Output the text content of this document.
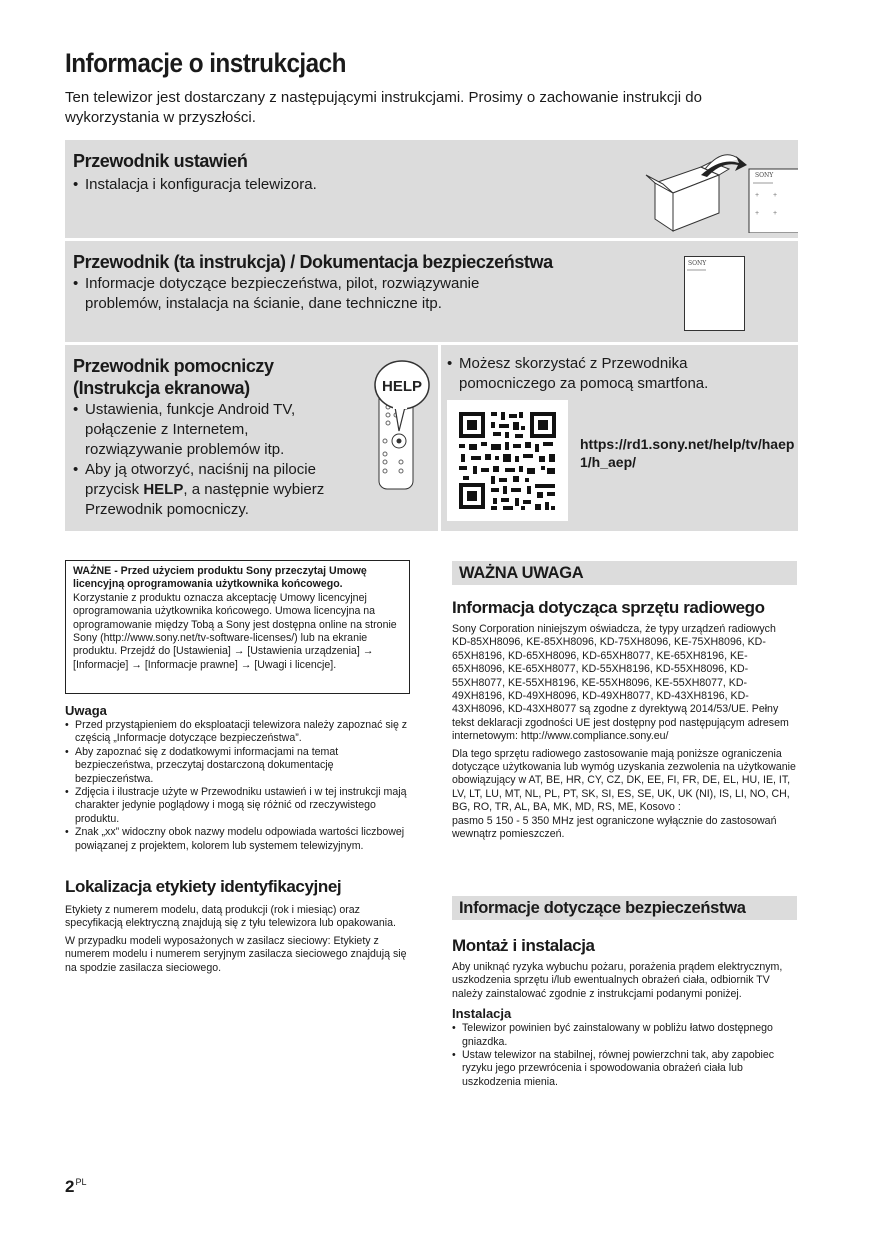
Informacje o instrukcjach

Ten telewizor jest dostarczany z następującymi instrukcjami. Prosimy o zachowanie instrukcji do wykorzystania w przyszłości.

Przewodnik ustawień
• Instalacja i konfiguracja telewizora.
SONY
+ +
+ +
Przewodnik (ta instrukcja) / Dokumentacja bezpieczeństwa
• Informacje dotyczące bezpieczeństwa, pilot, rozwiązywanie problemów, instalacja na ścianie, dane techniczne itp.
SONY
Przewodnik pomocniczy (Instrukcja ekranowa)
• Ustawienia, funkcje Android TV, połączenie z Internetem, rozwiązywanie problemów itp.
• Aby ją otworzyć, naciśnij na pilocie przycisk HELP, a następnie wybierz Przewodnik pomocniczy.
HELP
• Możesz skorzystać z Przewodnika pomocniczego za pomocą smartfona.
https://rd1.sony.net/help/tv/haep1/h_aep/

WAŻNE - Przed użyciem produktu Sony przeczytaj Umowę licencyjną oprogramowania użytkownika końcowego.

Korzystanie z produktu oznacza akceptację Umowy licencyjnej oprogramowania użytkownika końcowego. Umowa licencyjna na oprogramowanie między Tobą a Sony jest dostępna online na stronie Sony (http://www.sony.net/tv-software-licenses/) lub na ekranie produktu. Przejdź do [Ustawienia] → [Ustawienia urządzenia] → [Informacje] → [Informacje prawne] → [Uwagi i licencje].

Uwaga

• Przed przystąpieniem do eksploatacji telewizora należy zapoznać się z częścią „Informacje dotyczące bezpieczeństwa”.

• Aby zapoznać się z dodatkowymi informacjami na temat bezpieczeństwa, przeczytaj dostarczoną dokumentację bezpieczeństwa.

• Zdjęcia i ilustracje użyte w Przewodniku ustawień i w tej instrukcji mają charakter jedynie poglądowy i mogą się różnić od rzeczywistego produktu.

• Znak „xx” widoczny obok nazwy modelu odpowiada wartości liczbowej powiązanej z projektem, kolorem lub systemem telewizyjnym.

Lokalizacja etykiety identyfikacyjnej

Etykiety z numerem modelu, datą produkcji (rok i miesiąc) oraz specyfikacją elektryczną znajdują się z tyłu telewizora lub opakowania.

W przypadku modeli wyposażonych w zasilacz sieciowy: Etykiety z numerem modelu i numerem seryjnym zasilacza sieciowego znajdują się na spodzie zasilacza sieciowego.

WAŻNA UWAGA
Informacja dotycząca sprzętu radiowego

Sony Corporation niniejszym oświadcza, że typy urządzeń radiowych KD-85XH8096, KE-85XH8096, KD-75XH8096, KE-75XH8096, KD-65XH8196, KD-65XH8096, KD-65XH8077, KE-65XH8196, KE-65XH8096, KE-65XH8077, KD-55XH8196, KD-55XH8096, KD-55XH8077, KE-55XH8196, KE-55XH8096, KE-55XH8077, KD-49XH8196, KD-49XH8096, KD-49XH8077, KD-43XH8196, KD-43XH8096, KD-43XH8077 są zgodne z dyrektywą 2014/53/UE. Pełny tekst deklaracji zgodności UE jest dostępny pod następującym adresem internetowym: http://www.compliance.sony.eu/

Dla tego sprzętu radiowego zastosowanie mają poniższe ograniczenia dotyczące użytkowania lub wymóg uzyskania zezwolenia na użytkowanie obowiązujący w AT, BE, HR, CY, CZ, DK, EE, FI, FR, DE, EL, HU, IE, IT, LV, LT, LU, MT, NL, PL, PT, SK, SI, ES, SE, UK, UK (NI), IS, LI, NO, CH, BG, RO, TR, AL, BA, MK, MD, RS, ME, Kosovo :

pasmo 5 150 - 5 350 MHz jest ograniczone wyłącznie do zastosowań wewnątrz pomieszczeń.

Informacje dotyczące bezpieczeństwa
Montaż i instalacja

Aby uniknąć ryzyka wybuchu pożaru, porażenia prądem elektrycznym, uszkodzenia sprzętu i/lub ewentualnych obrażeń ciała, odbiornik TV należy zainstalować zgodnie z instrukcjami podanymi poniżej.

Instalacja

• Telewizor powinien być zainstalowany w pobliżu łatwo dostępnego gniazdka.

• Ustaw telewizor na stabilnej, równej powierzchni tak, aby zapobiec ryzyku jego przewrócenia i spowodowania obrażeń ciała lub uszkodzenia mienia.

$2^{PL}$
